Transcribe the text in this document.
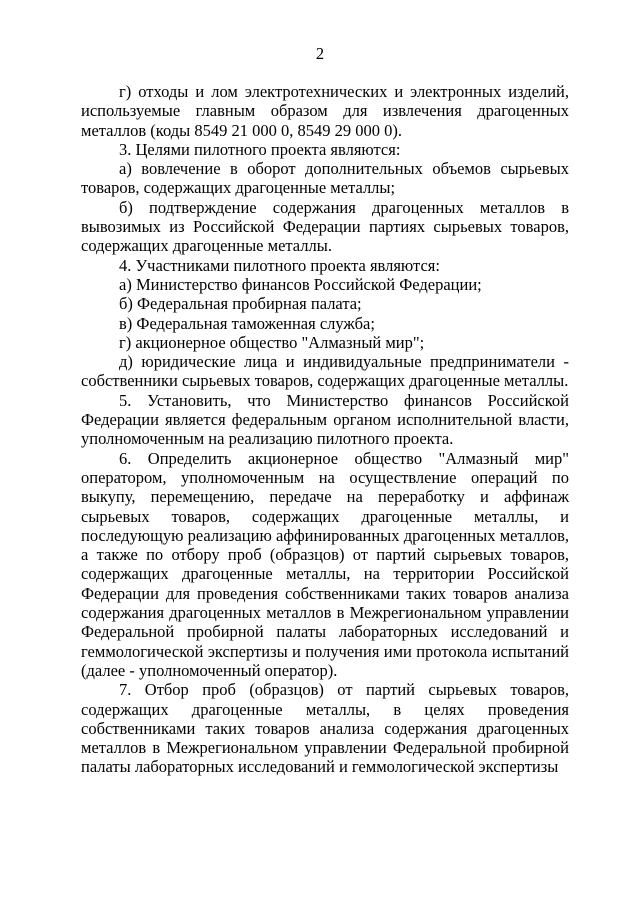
2

г) отходы и лом электротехнических и электронных изделий, используемые главным образом для извлечения драгоценных металлов (коды 8549 21 000 0, 8549 29 000 0).

3. Целями пилотного проекта являются:

а) вовлечение в оборот дополнительных объемов сырьевых товаров, содержащих драгоценные металлы;

б) подтверждение содержания драгоценных металлов в вывозимых из Российской Федерации партиях сырьевых товаров, содержащих драгоценные металлы.

4. Участниками пилотного проекта являются:

а) Министерство финансов Российской Федерации;

б) Федеральная пробирная палата;

в) Федеральная таможенная служба;

г) акционерное общество "Алмазный мир";

д) юридические лица и индивидуальные предприниматели - собственники сырьевых товаров, содержащих драгоценные металлы.

5. Установить, что Министерство финансов Российской Федерации является федеральным органом исполнительной власти, уполномоченным на реализацию пилотного проекта.

6. Определить акционерное общество "Алмазный мир" оператором, уполномоченным на осуществление операций по выкупу, перемещению, передаче на переработку и аффинаж сырьевых товаров, содержащих драгоценные металлы, и последующую реализацию аффинированных драгоценных металлов, а также по отбору проб (образцов) от партий сырьевых товаров, содержащих драгоценные металлы, на территории Российской Федерации для проведения собственниками таких товаров анализа содержания драгоценных металлов в Межрегиональном управлении Федеральной пробирной палаты лабораторных исследований и геммологической экспертизы и получения ими протокола испытаний (далее - уполномоченный оператор).

7. Отбор проб (образцов) от партий сырьевых товаров, содержащих драгоценные металлы, в целях проведения собственниками таких товаров анализа содержания драгоценных металлов в Межрегиональном управлении Федеральной пробирной палаты лабораторных исследований и геммологической экспертизы
